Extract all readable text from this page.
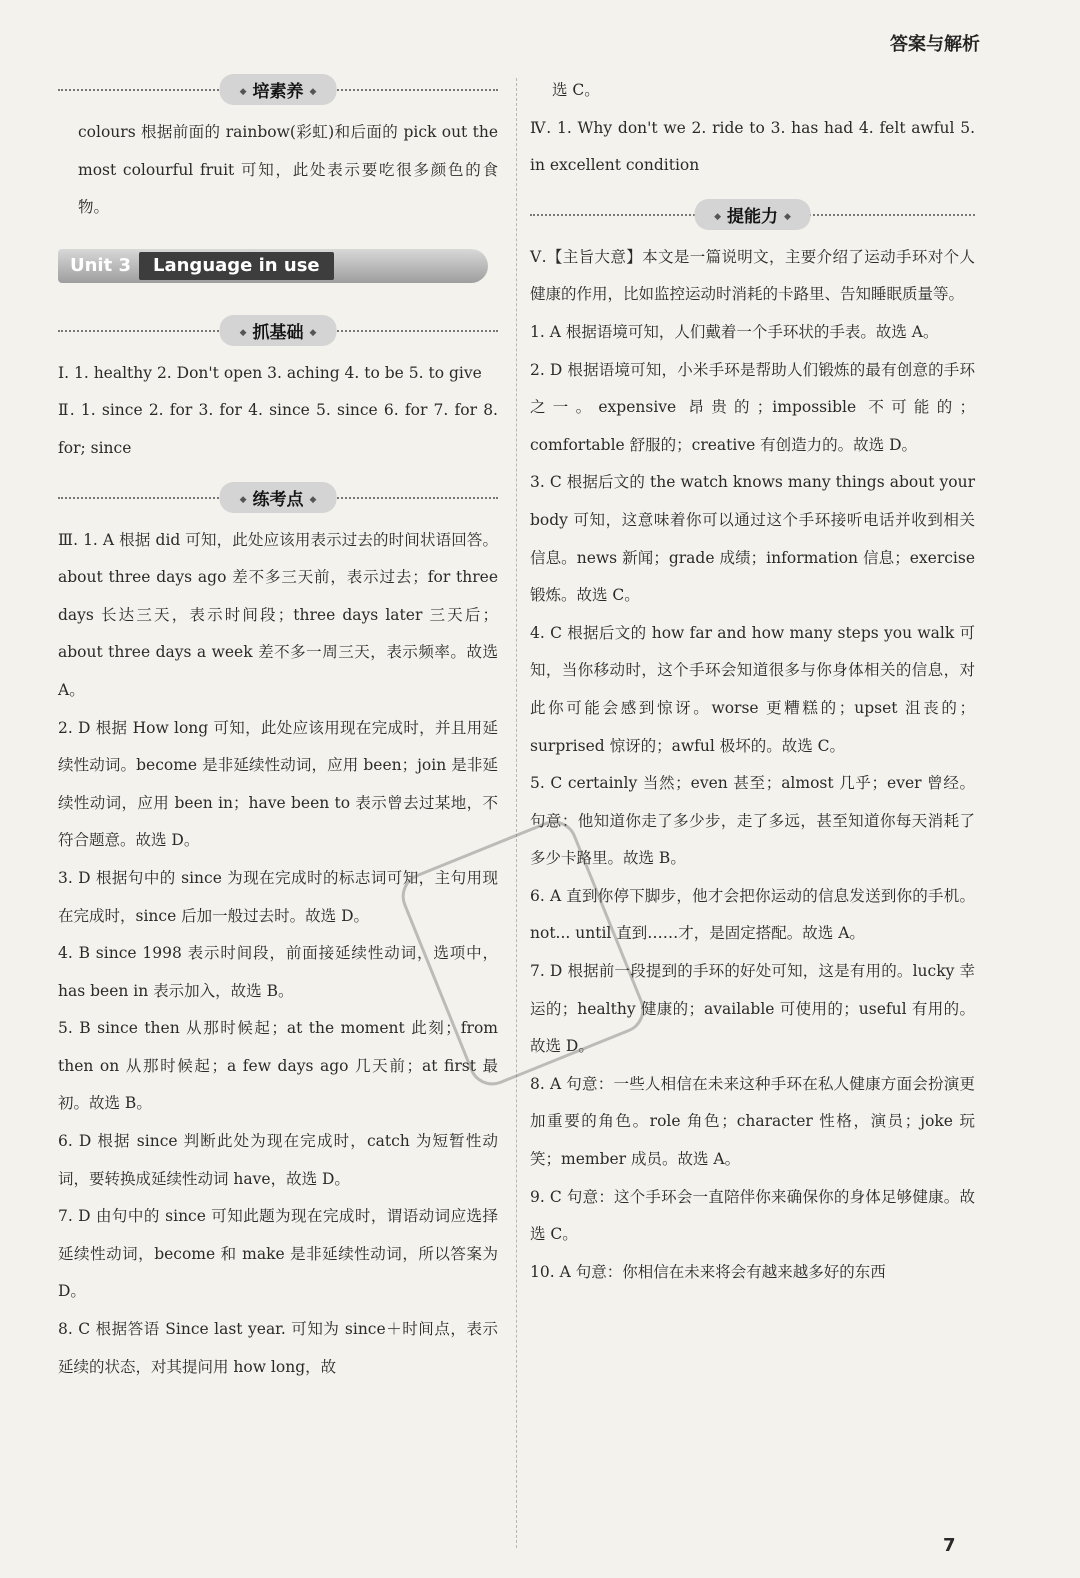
答案与解析
◆ 培素养 ◆
colours 根据前面的 rainbow(彩虹)和后面的 pick out the most colourful fruit 可知，此处表示要吃很多颜色的食物。
Unit 3 Language in use
◆ 抓基础 ◆
Ⅰ. 1. healthy 2. Don't open 3. aching 4. to be 5. to give
Ⅱ. 1. since 2. for 3. for 4. since 5. since 6. for 7. for 8. for; since
◆ 练考点 ◆
Ⅲ. 1. A 根据 did 可知，此处应该用表示过去的时间状语回答。about three days ago 差不多三天前，表示过去；for three days 长达三天，表示时间段；three days later 三天后；about three days a week 差不多一周三天，表示频率。故选 A。
2. D 根据 How long 可知，此处应该用现在完成时，并且用延续性动词。become 是非延续性动词，应用 been；join 是非延续性动词，应用 been in；have been to 表示曾去过某地，不符合题意。故选 D。
3. D 根据句中的 since 为现在完成时的标志词可知，主句用现在完成时，since 后加一般过去时。故选 D。
4. B since 1998 表示时间段，前面接延续性动词，选项中，has been in 表示加入，故选 B。
5. B since then 从那时候起；at the moment 此刻；from then on 从那时候起；a few days ago 几天前；at first 最初。故选 B。
6. D 根据 since 判断此处为现在完成时，catch 为短暂性动词，要转换成延续性动词 have，故选 D。
7. D 由句中的 since 可知此题为现在完成时，谓语动词应选择延续性动词，become 和 make 是非延续性动词，所以答案为 D。
8. C 根据答语 Since last year. 可知为 since＋时间点，表示延续的状态，对其提问用 how long，故
选 C。
Ⅳ. 1. Why don't we 2. ride to 3. has had 4. felt awful 5. in excellent condition
◆ 提能力 ◆
Ⅴ.【主旨大意】本文是一篇说明文，主要介绍了运动手环对个人健康的作用，比如监控运动时消耗的卡路里、告知睡眠质量等。
1. A 根据语境可知，人们戴着一个手环状的手表。故选 A。
2. D 根据语境可知，小米手环是帮助人们锻炼的最有创意的手环之一。expensive 昂贵的；impossible 不可能的；comfortable 舒服的；creative 有创造力的。故选 D。
3. C 根据后文的 the watch knows many things about your body 可知，这意味着你可以通过这个手环接听电话并收到相关信息。news 新闻；grade 成绩；information 信息；exercise 锻炼。故选 C。
4. C 根据后文的 how far and how many steps you walk 可知，当你移动时，这个手环会知道很多与你身体相关的信息，对此你可能会感到惊讶。worse 更糟糕的；upset 沮丧的；surprised 惊讶的；awful 极坏的。故选 C。
5. C certainly 当然；even 甚至；almost 几乎；ever 曾经。句意：他知道你走了多少步，走了多远，甚至知道你每天消耗了多少卡路里。故选 B。
6. A 直到你停下脚步，他才会把你运动的信息发送到你的手机。not... until 直到……才，是固定搭配。故选 A。
7. D 根据前一段提到的手环的好处可知，这是有用的。lucky 幸运的；healthy 健康的；available 可使用的；useful 有用的。故选 D。
8. A 句意：一些人相信在未来这种手环在私人健康方面会扮演更加重要的角色。role 角色；character 性格，演员；joke 玩笑；member 成员。故选 A。
9. C 句意：这个手环会一直陪伴你来确保你的身体足够健康。故选 C。
10. A 句意：你相信在未来将会有越来越多好的东西
7
